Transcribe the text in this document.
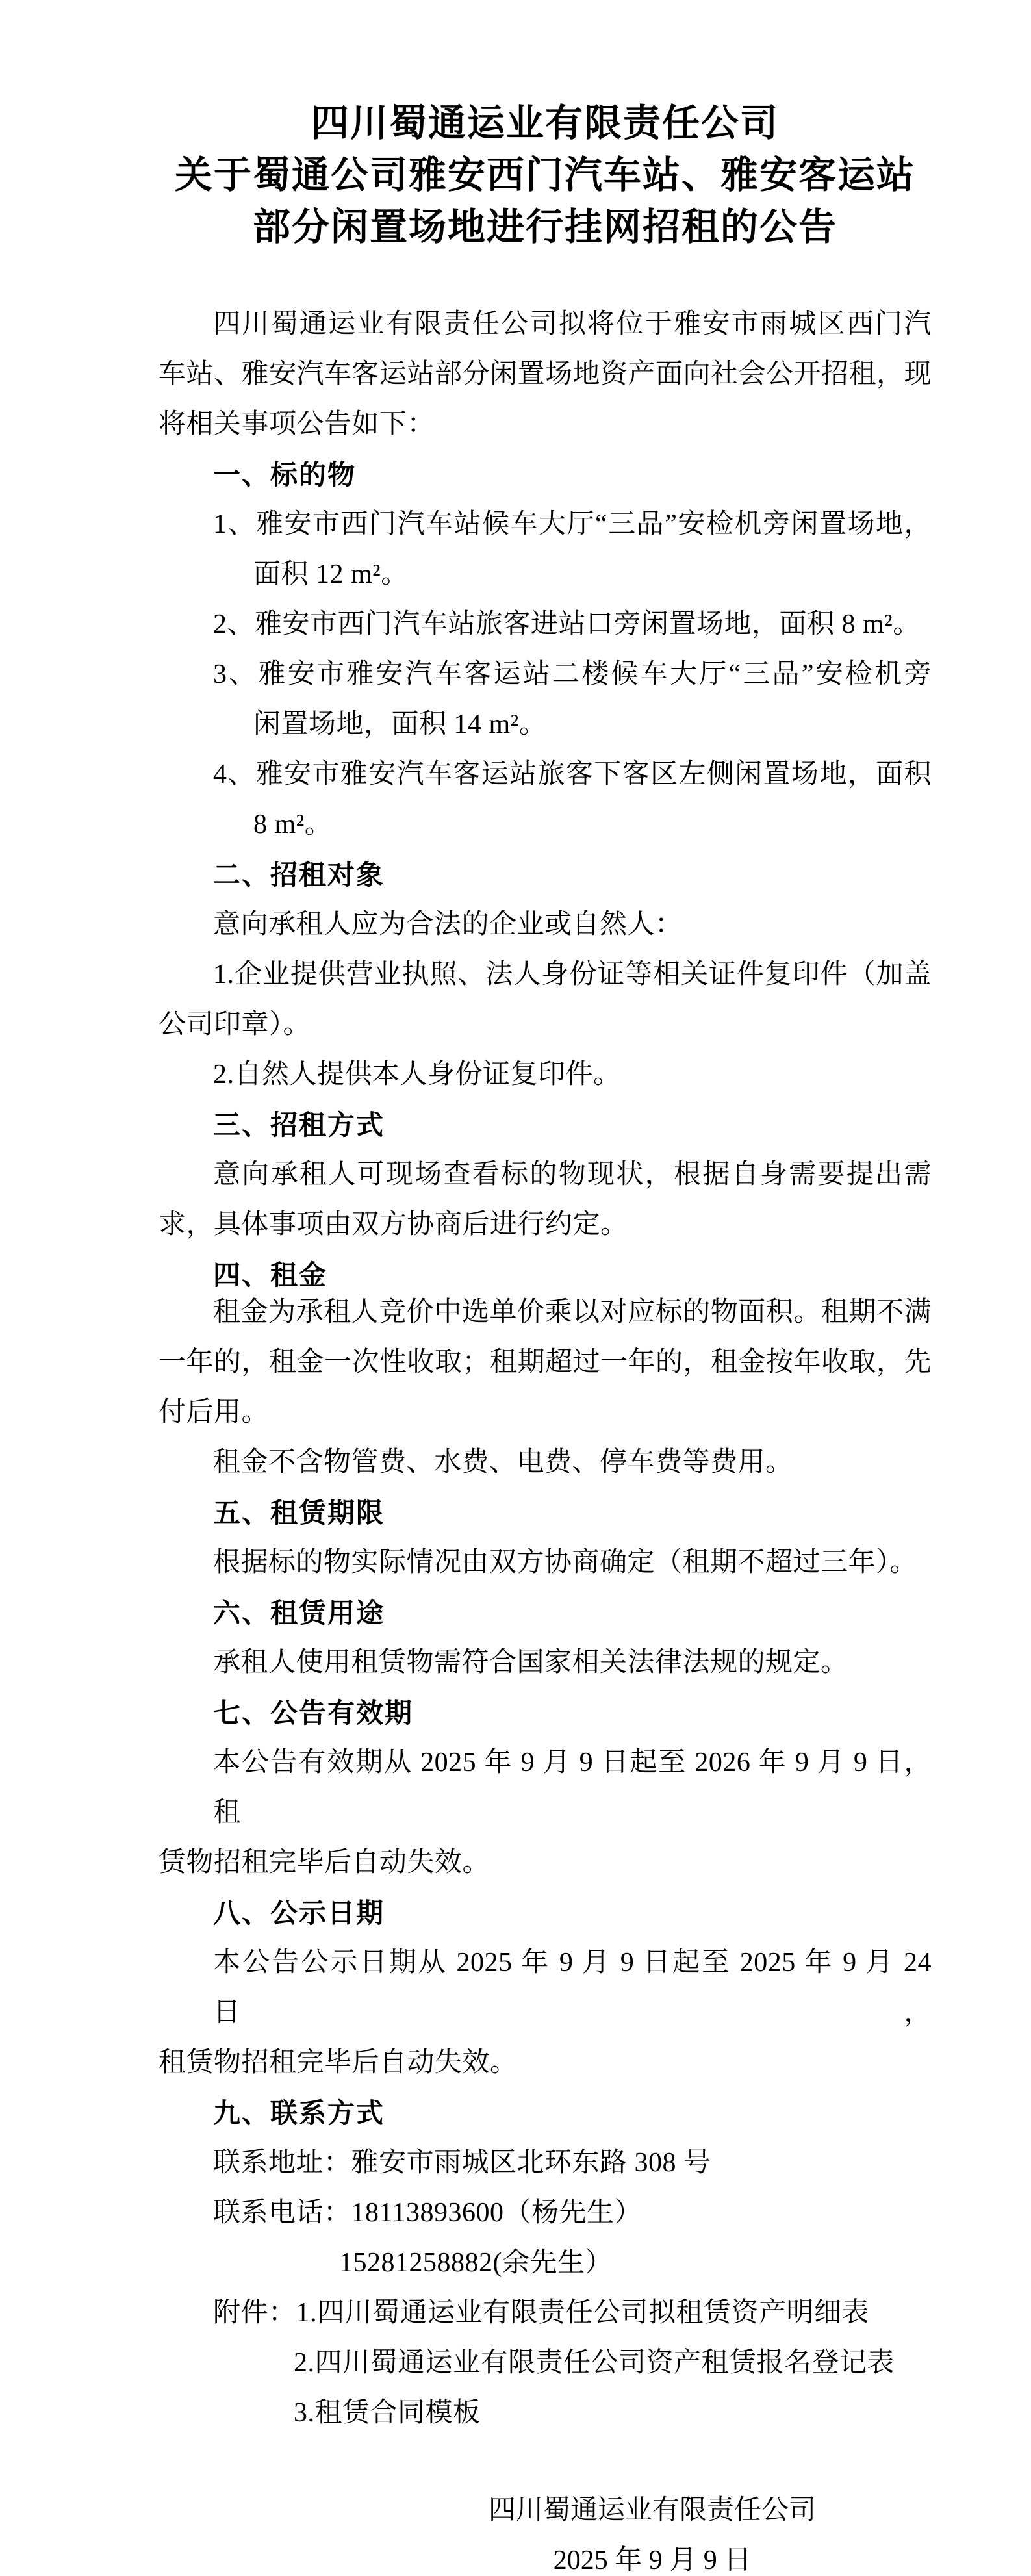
四川蜀通运业有限责任公司
关于蜀通公司雅安西门汽车站、雅安客运站
部分闲置场地进行挂网招租的公告
四川蜀通运业有限责任公司拟将位于雅安市雨城区西门汽
车站、雅安汽车客运站部分闲置场地资产面向社会公开招租，现
将相关事项公告如下：
一、标的物
1、雅安市西门汽车站候车大厅“三品”安检机旁闲置场地，
面积 12 m²。
2、雅安市西门汽车站旅客进站口旁闲置场地，面积 8 m²。
3、雅安市雅安汽车客运站二楼候车大厅“三品”安检机旁
闲置场地，面积 14 m²。
4、雅安市雅安汽车客运站旅客下客区左侧闲置场地，面积
8 m²。
二、招租对象
意向承租人应为合法的企业或自然人：
1.企业提供营业执照、法人身份证等相关证件复印件（加盖
公司印章）。
2.自然人提供本人身份证复印件。
三、招租方式
意向承租人可现场查看标的物现状，根据自身需要提出需
求，具体事项由双方协商后进行约定。
四、租金
租金为承租人竞价中选单价乘以对应标的物面积。租期不满
一年的，租金一次性收取；租期超过一年的，租金按年收取，先
付后用。
租金不含物管费、水费、电费、停车费等费用。
五、租赁期限
根据标的物实际情况由双方协商确定（租期不超过三年）。
六、租赁用途
承租人使用租赁物需符合国家相关法律法规的规定。
七、公告有效期
本公告有效期从 2025 年 9 月 9 日起至 2026 年 9 月 9 日，租
赁物招租完毕后自动失效。
八、公示日期
本公告公示日期从 2025 年 9 月 9 日起至 2025 年 9 月 24 日，
租赁物招租完毕后自动失效。
九、联系方式
联系地址：雅安市雨城区北环东路 308 号
联系电话：18113893600（杨先生）
15281258882(余先生）
附件：1.四川蜀通运业有限责任公司拟租赁资产明细表
2.四川蜀通运业有限责任公司资产租赁报名登记表
3.租赁合同模板
四川蜀通运业有限责任公司
2025 年 9 月 9 日
